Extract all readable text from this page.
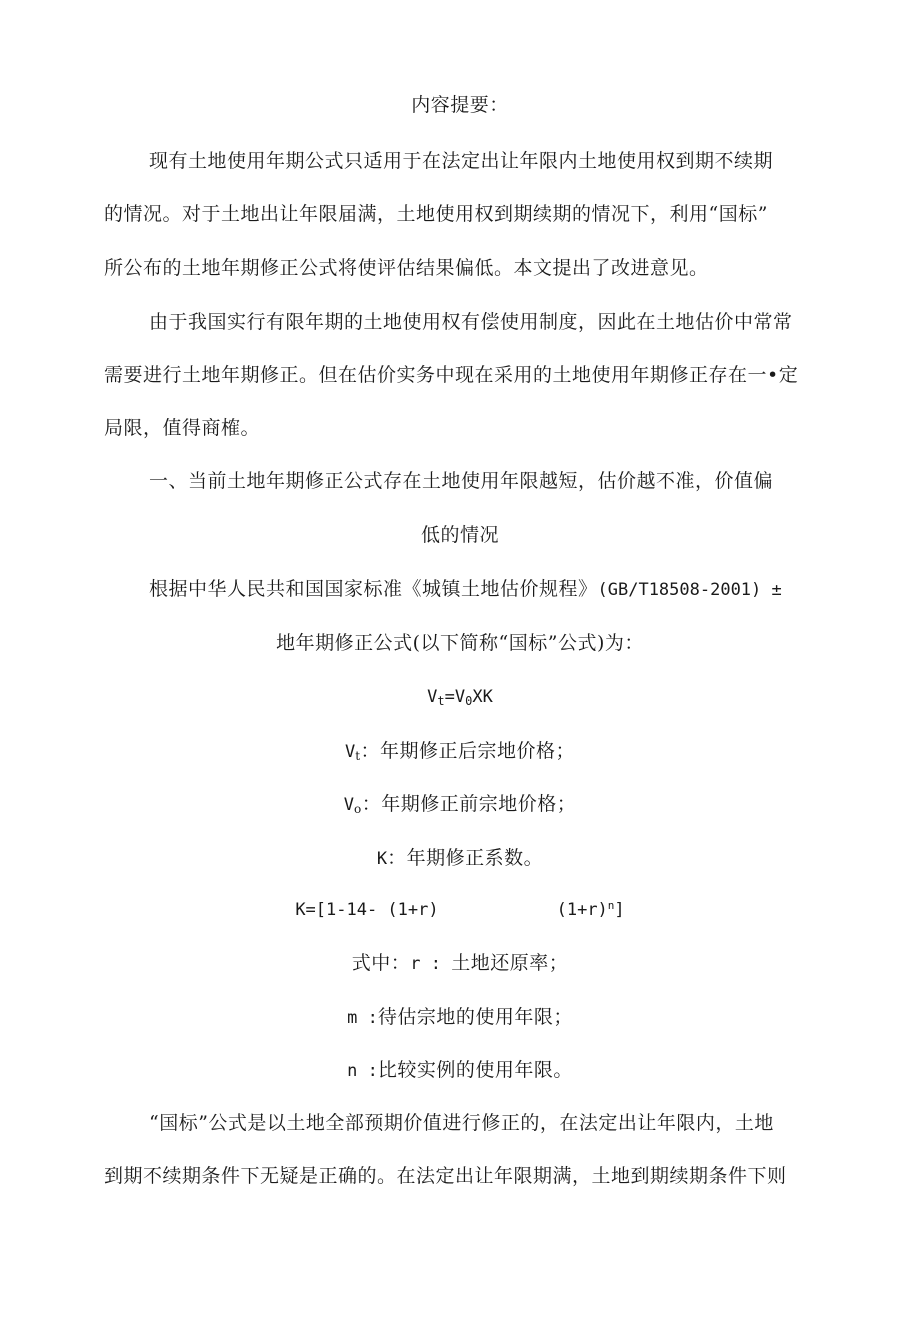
内容提要：
现有土地使用年期公式只适用于在法定出让年限内土地使用权到期不续期
的情况。对于土地出让年限届满，土地使用权到期续期的情况下，利用“国标”
所公布的土地年期修正公式将使评估结果偏低。本文提出了改进意见。
由于我国实行有限年期的土地使用权有偿使用制度，因此在土地估价中常常
需要进行土地年期修正。但在估价实务中现在采用的土地使用年期修正存在一•定
局限，值得商榷。
一、当前土地年期修正公式存在土地使用年限越短，估价越不准，价值偏
低的情况
根据中华人民共和国国家标准《城镇土地估价规程》(GB/T18508-2001) ±
地年期修正公式(以下简称“国标”公式)为：
$V_t=V_0XK$
$V_t$：年期修正后宗地价格；
$V_o$：年期修正前宗地价格；
K：年期修正系数。
K=[1-14- (1+r)	$(1+r)^n$]
式中：r : 土地还原率；
m :待估宗地的使用年限；
n :比较实例的使用年限。
“国标”公式是以土地全部预期价值进行修正的，在法定出让年限内，土地
到期不续期条件下无疑是正确的。在法定出让年限期满，土地到期续期条件下则
